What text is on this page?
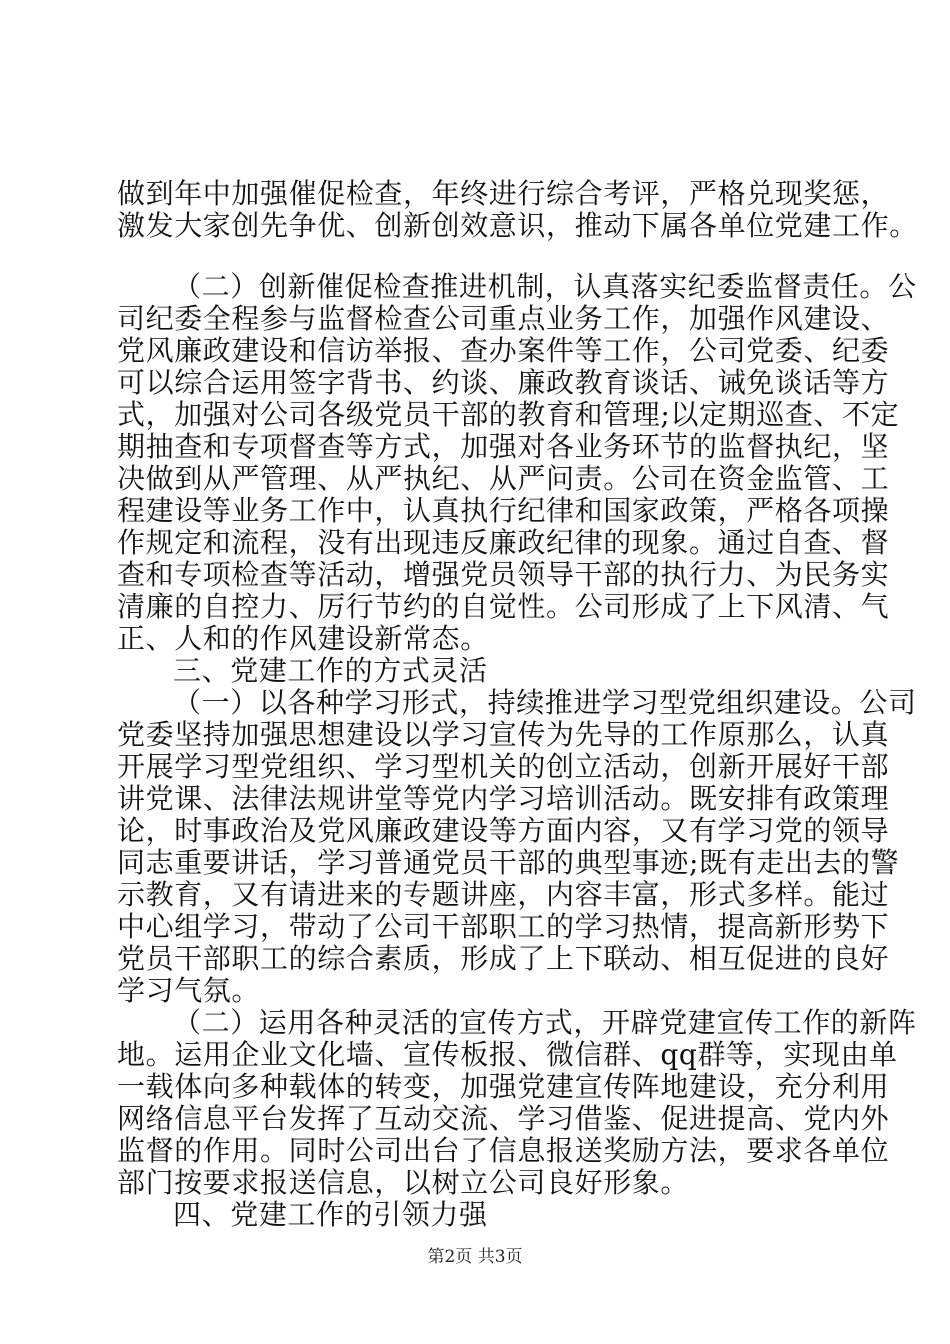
做到年中加强催促检查，年终进行综合考评，严格兑现奖惩，
激发大家创先争优、创新创效意识，推动下属各单位党建工作。
（二）创新催促检查推进机制，认真落实纪委监督责任。公
司纪委全程参与监督检查公司重点业务工作，加强作风建设、
党风廉政建设和信访举报、查办案件等工作，公司党委、纪委
可以综合运用签字背书、约谈、廉政教育谈话、诫免谈话等方
式，加强对公司各级党员干部的教育和管理;以定期巡查、不定
期抽查和专项督查等方式，加强对各业务环节的监督执纪，坚
决做到从严管理、从严执纪、从严问责。公司在资金监管、工
程建设等业务工作中，认真执行纪律和国家政策，严格各项操
作规定和流程，没有出现违反廉政纪律的现象。通过自查、督
查和专项检查等活动，增强党员领导干部的执行力、为民务实
清廉的自控力、厉行节约的自觉性。公司形成了上下风清、气
正、人和的作风建设新常态。
三、党建工作的方式灵活
（一）以各种学习形式，持续推进学习型党组织建设。公司
党委坚持加强思想建设以学习宣传为先导的工作原那么，认真
开展学习型党组织、学习型机关的创立活动，创新开展好干部
讲党课、法律法规讲堂等党内学习培训活动。既安排有政策理
论，时事政治及党风廉政建设等方面内容，又有学习党的领导
同志重要讲话，学习普通党员干部的典型事迹;既有走出去的警
示教育，又有请进来的专题讲座，内容丰富，形式多样。能过
中心组学习，带动了公司干部职工的学习热情，提高新形势下
党员干部职工的综合素质，形成了上下联动、相互促进的良好
学习气氛。
（二）运用各种灵活的宣传方式，开辟党建宣传工作的新阵
地。运用企业文化墙、宣传板报、微信群、qq群等，实现由单
一载体向多种载体的转变，加强党建宣传阵地建设，充分利用
网络信息平台发挥了互动交流、学习借鉴、促进提高、党内外
监督的作用。同时公司出台了信息报送奖励方法，要求各单位
部门按要求报送信息，以树立公司良好形象。
四、党建工作的引领力强
第2页 共3页
